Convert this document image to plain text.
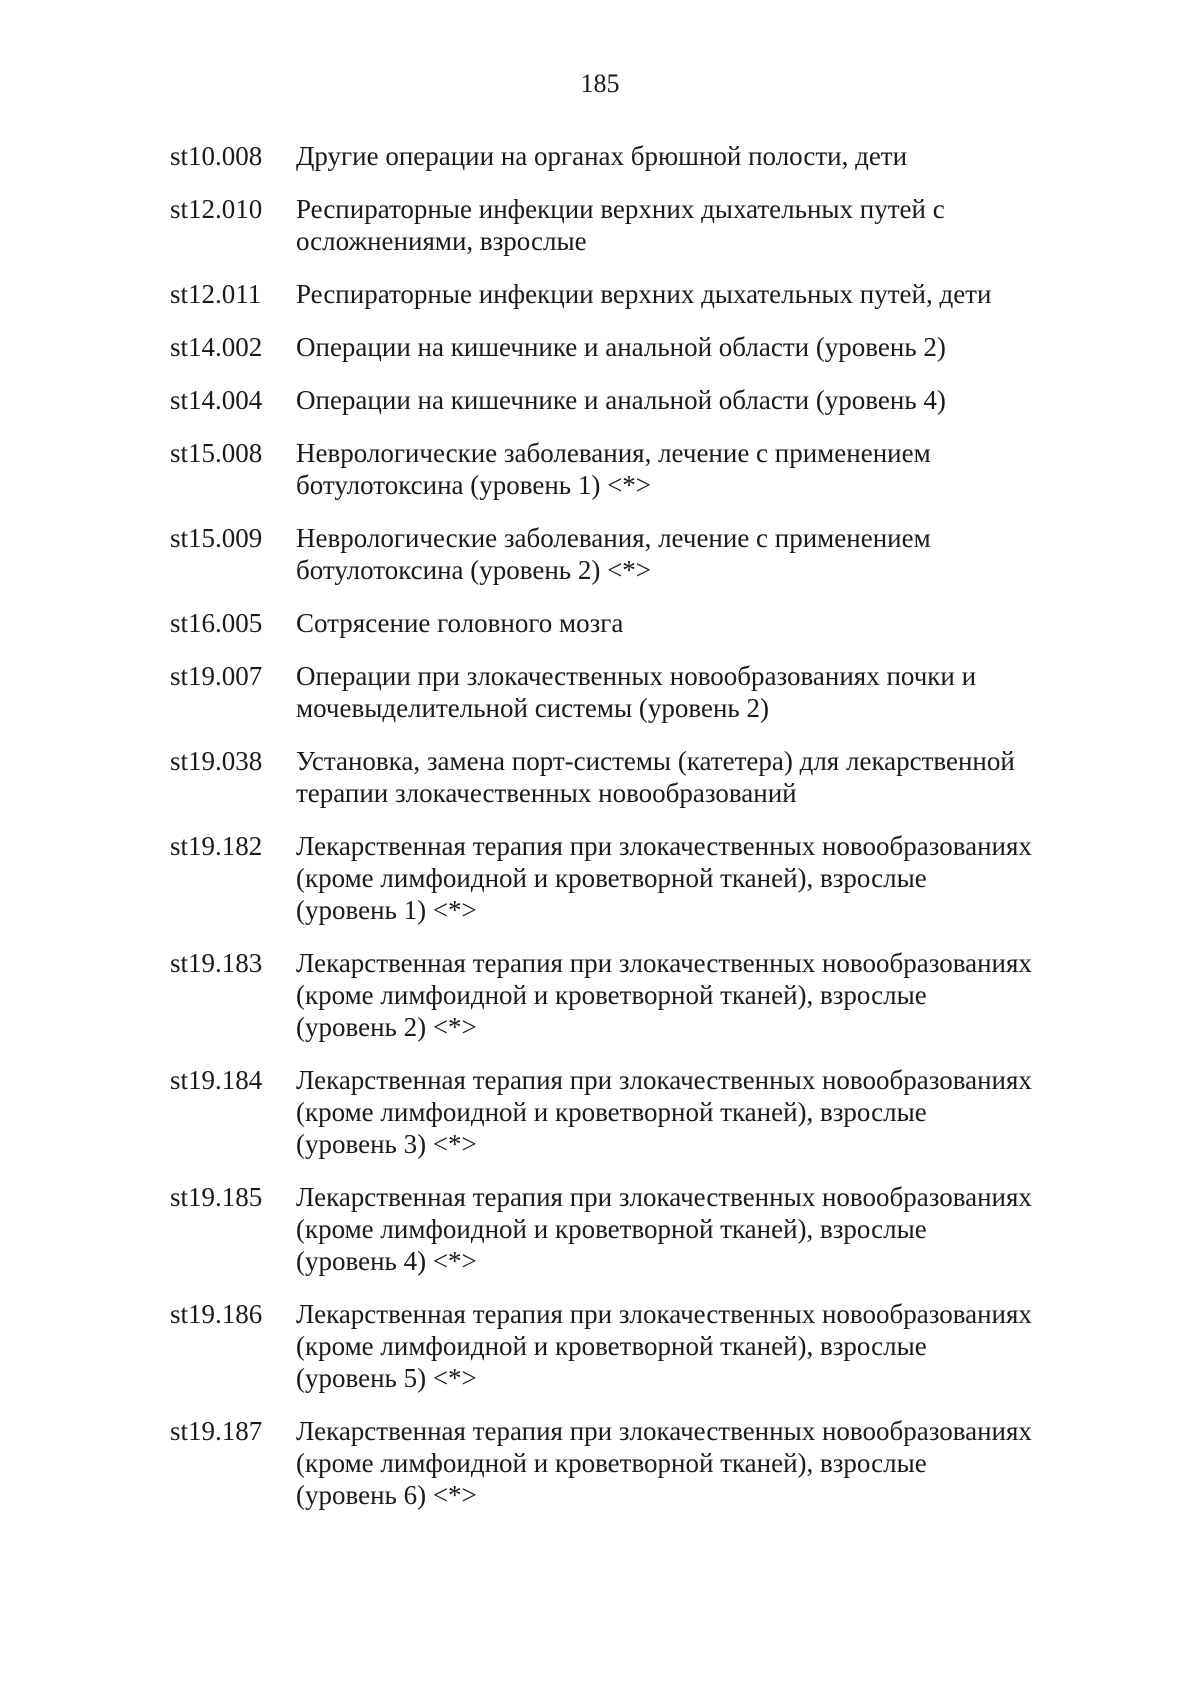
185
st10.008	Другие операции на органах брюшной полости, дети
st12.010	Респираторные инфекции верхних дыхательных путей с
осложнениями, взрослые
st12.011	Респираторные инфекции верхних дыхательных путей, дети
st14.002	Операции на кишечнике и анальной области (уровень 2)
st14.004	Операции на кишечнике и анальной области (уровень 4)
st15.008	Неврологические заболевания, лечение с применением
ботулотоксина (уровень 1) <*>
st15.009	Неврологические заболевания, лечение с применением
ботулотоксина (уровень 2) <*>
st16.005	Сотрясение головного мозга
st19.007	Операции при злокачественных новообразованиях почки и
мочевыделительной системы (уровень 2)
st19.038	Установка, замена порт-системы (катетера) для лекарственной
терапии злокачественных новообразований
st19.182	Лекарственная терапия при злокачественных новообразованиях
(кроме лимфоидной и кроветворной тканей), взрослые
(уровень 1) <*>
st19.183	Лекарственная терапия при злокачественных новообразованиях
(кроме лимфоидной и кроветворной тканей), взрослые
(уровень 2) <*>
st19.184	Лекарственная терапия при злокачественных новообразованиях
(кроме лимфоидной и кроветворной тканей), взрослые
(уровень 3) <*>
st19.185	Лекарственная терапия при злокачественных новообразованиях
(кроме лимфоидной и кроветворной тканей), взрослые
(уровень 4) <*>
st19.186	Лекарственная терапия при злокачественных новообразованиях
(кроме лимфоидной и кроветворной тканей), взрослые
(уровень 5) <*>
st19.187	Лекарственная терапия при злокачественных новообразованиях
(кроме лимфоидной и кроветворной тканей), взрослые
(уровень 6) <*>
